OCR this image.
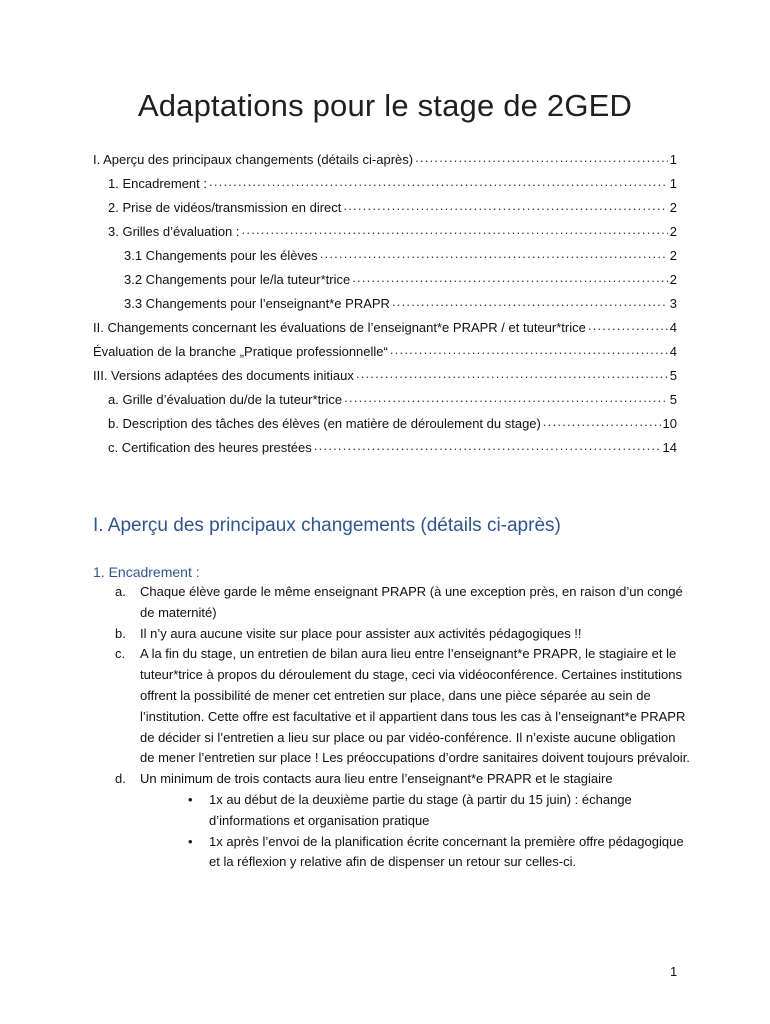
Adaptations pour le stage de 2GED
I. Aperçu des principaux changements (détails ci-après) . . .	1
1. Encadrement : . . .	1
2. Prise de vidéos/transmission en direct . . .	2
3. Grilles d’évaluation : . . .	2
3.1 Changements pour les élèves . . .	2
3.2 Changements pour le/la tuteur*trice . . .	2
3.3 Changements pour l’enseignant*e PRAPR . . .	3
II. Changements concernant les évaluations de l’enseignant*e PRAPR / et tuteur*trice . . .	4
Évaluation de la branche „Pratique professionnelle“ . . .	4
III. Versions adaptées des documents initiaux . . .	5
a. Grille d’évaluation du/de la tuteur*trice . . .	5
b. Description des tâches des élèves (en matière de déroulement du stage) . . .	10
c. Certification des heures prestées . . .	14
I. Aperçu des principaux changements (détails ci-après)
1. Encadrement :
a. Chaque élève garde le même enseignant PRAPR (à une exception près, en raison d’un congé de maternité)
b. Il n’y aura aucune visite sur place pour assister aux activités pédagogiques !!
c. A la fin du stage, un entretien de bilan aura lieu entre l’enseignant*e PRAPR, le stagiaire et le tuteur*trice à propos du déroulement du stage, ceci via vidéoconférence. Certaines institutions offrent la possibilité de mener cet entretien sur place, dans une pièce séparée au sein de l’institution. Cette offre est facultative et il appartient dans tous les cas à l’enseignant*e PRAPR de décider si l’entretien a lieu sur place ou par vidéo-conférence. Il n’existe aucune obligation de mener l’entretien sur place ! Les préoccupations d’ordre sanitaires doivent toujours prévaloir.
d. Un minimum de trois contacts aura lieu entre l’enseignant*e PRAPR et le stagiaire
• 1x au début de la deuxième partie du stage (à partir du 15 juin) : échange d’informations et organisation pratique
• 1x après l’envoi de la planification écrite concernant la première offre pédagogique et la réflexion y relative afin de dispenser un retour sur celles-ci.
1
